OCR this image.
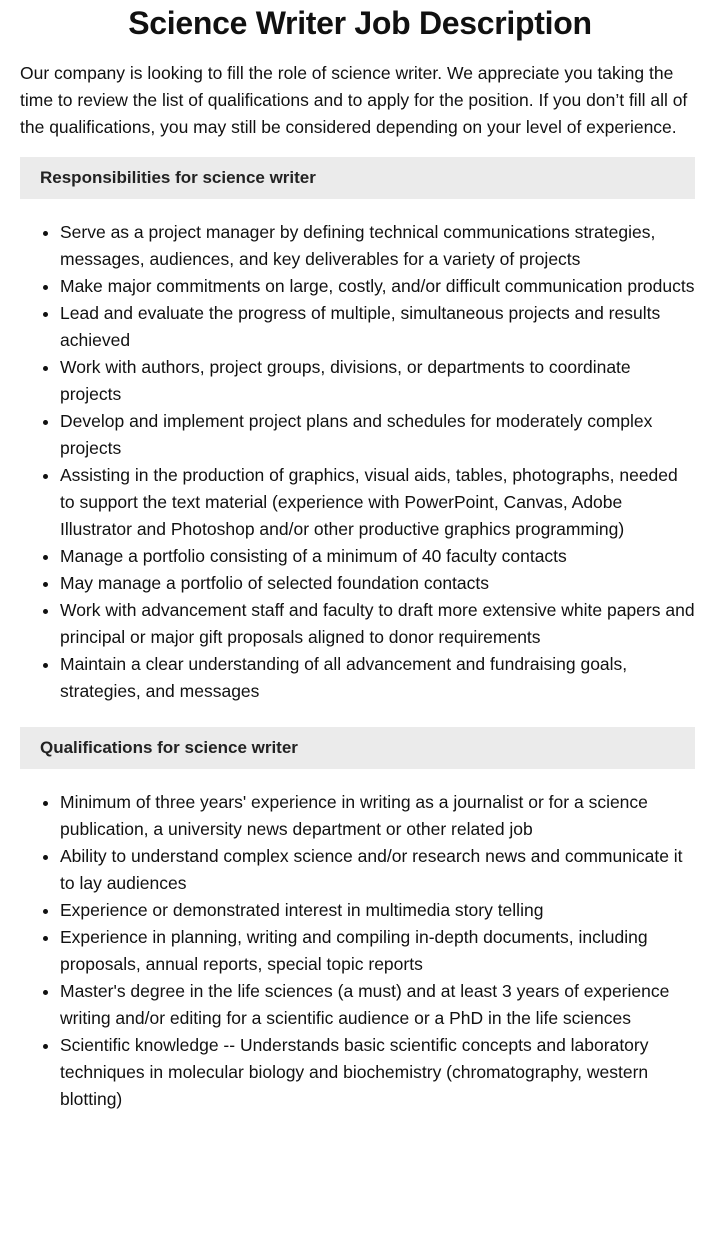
Science Writer Job Description

Our company is looking to fill the role of science writer. We appreciate you taking the time to review the list of qualifications and to apply for the position. If you don’t fill all of the qualifications, you may still be considered depending on your level of experience.

Responsibilities for science writer
• Serve as a project manager by defining technical communications strategies, messages, audiences, and key deliverables for a variety of projects
• Make major commitments on large, costly, and/or difficult communication products
• Lead and evaluate the progress of multiple, simultaneous projects and results achieved
• Work with authors, project groups, divisions, or departments to coordinate projects
• Develop and implement project plans and schedules for moderately complex projects
• Assisting in the production of graphics, visual aids, tables, photographs, needed to support the text material (experience with PowerPoint, Canvas, Adobe Illustrator and Photoshop and/or other productive graphics programming)
• Manage a portfolio consisting of a minimum of 40 faculty contacts
• May manage a portfolio of selected foundation contacts
• Work with advancement staff and faculty to draft more extensive white papers and principal or major gift proposals aligned to donor requirements
• Maintain a clear understanding of all advancement and fundraising goals, strategies, and messages
Qualifications for science writer
• Minimum of three years' experience in writing as a journalist or for a science publication, a university news department or other related job
• Ability to understand complex science and/or research news and communicate it to lay audiences
• Experience or demonstrated interest in multimedia story telling
• Experience in planning, writing and compiling in-depth documents, including proposals, annual reports, special topic reports
• Master's degree in the life sciences (a must) and at least 3 years of experience writing and/or editing for a scientific audience or a PhD in the life sciences
• Scientific knowledge -- Understands basic scientific concepts and laboratory techniques in molecular biology and biochemistry (chromatography, western blotting)
